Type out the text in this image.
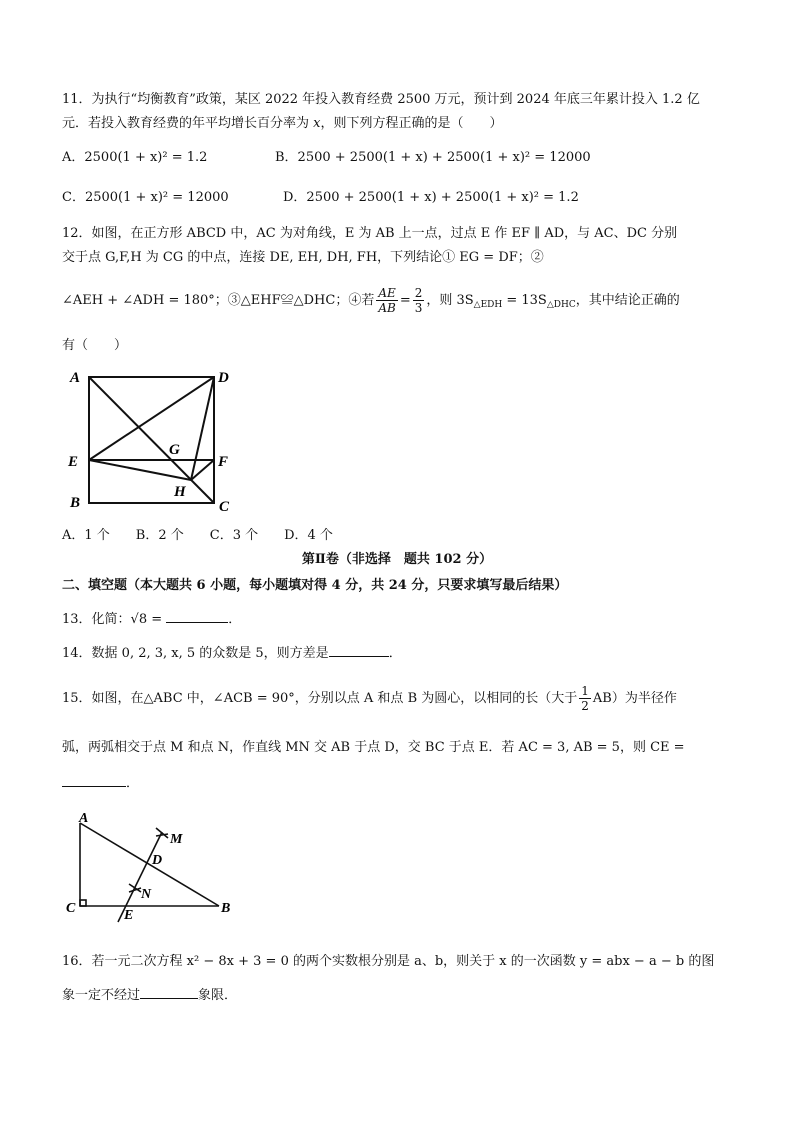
11．为执行“均衡教育”政策，某区 2022 年投入教育经费 2500 万元，预计到 2024 年底三年累计投入 1.2 亿
元．若投入教育经费的年平均增长百分率为 x，则下列方程正确的是（　　）
A．2500(1 + x)² = 1.2	B．2500 + 2500(1 + x) + 2500(1 + x)² = 12000
C．2500(1 + x)² = 12000	D．2500 + 2500(1 + x) + 2500(1 + x)² = 1.2
12．如图，在正方形 ABCD 中，AC 为对角线，E 为 AB 上一点，过点 E 作 EF ∥ AD，与 AC、DC 分别
交于点 G,F,H 为 CG 的中点，连接 DE, EH, DH, FH，下列结论① EG = DF；②
∠AEH + ∠ADH = 180°；③△EHF≌△DHC；④若 $\frac{AE}{AB} = \frac{2}{3}$ ，则 $3S_{\triangle EDH} = 13S_{\triangle DHC}$，其中结论正确的
有（　　）
A	D
E	F
G
H
B	C
A．1 个　　B．2 个　　C．3 个　　D．4 个
第Ⅱ卷（非选择　题共 102 分）
二、填空题（本大题共 6 小题，每小题填对得 4 分，共 24 分，只要求填写最后结果）
13．化简：√8 =	．
14．数据 0, 2, 3, x, 5 的众数是 5，则方差是	．
15．如图，在△ABC 中，∠ACB = 90°，分别以点 A 和点 B 为圆心，以相同的长（大于 $\frac{1}{2} AB$）为半径作
弧，两弧相交于点 M 和点 N，作直线 MN 交 AB 于点 D，交 BC 于点 E．若 AC = 3, AB = 5，则 CE =
．
A
M
D
N
C	E	B
16．若一元二次方程 x² − 8x + 3 = 0 的两个实数根分别是 a、b，则关于 x 的一次函数 y = abx − a − b 的图
象一定不经过	象限．
